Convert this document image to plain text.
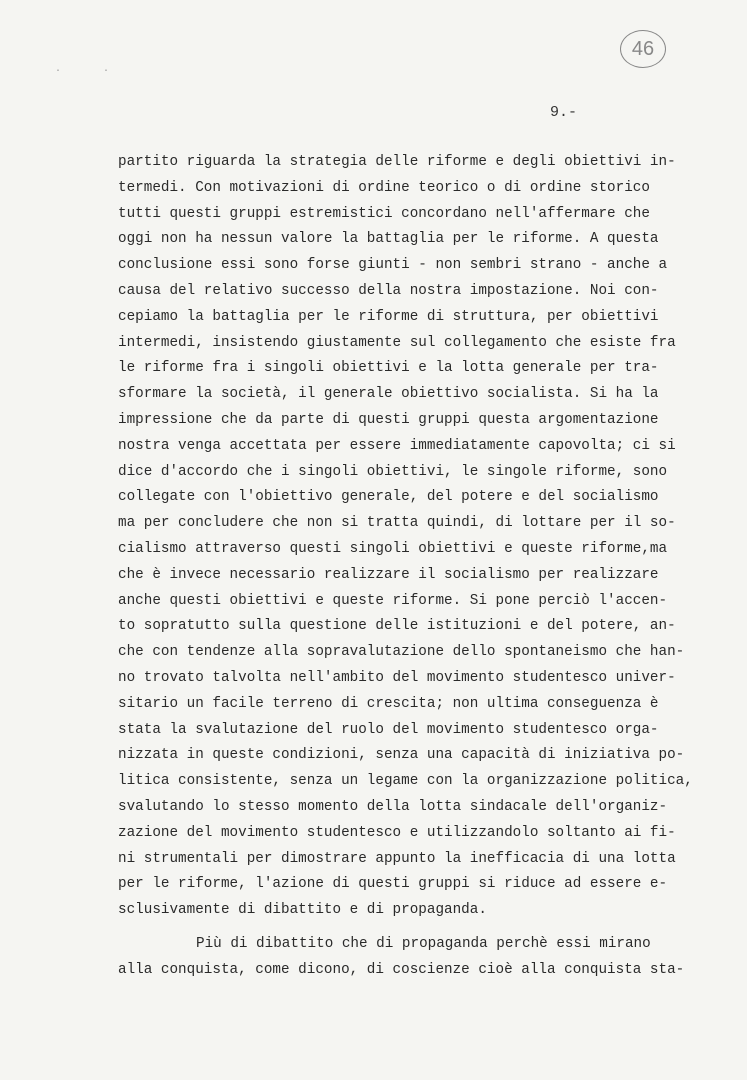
46
. .
9.-
partito riguarda la strategia delle riforme e degli obiettivi in-
termedi. Con motivazioni di ordine teorico o di ordine storico
tutti questi gruppi estremistici concordano nell'affermare che
oggi non ha nessun valore la battaglia per le riforme. A questa
conclusione essi sono forse giunti - non sembri strano - anche a
causa del relativo successo della nostra impostazione. Noi con-
cepiamo la battaglia per le riforme di struttura, per obiettivi
intermedi, insistendo giustamente sul collegamento che esiste fra
le riforme fra i singoli obiettivi e la lotta generale per tra-
sformare la società, il generale obiettivo socialista. Si ha la
impressione che da parte di questi gruppi questa argomentazione
nostra venga accettata per essere immediatamente capovolta; ci si
dice d'accordo che i singoli obiettivi, le singole riforme, sono
collegate con l'obiettivo generale, del potere e del socialismo
ma per concludere che non si tratta quindi, di lottare per il so-
cialismo attraverso questi singoli obiettivi e queste riforme,ma
che è invece necessario realizzare il socialismo per realizzare
anche questi obiettivi e queste riforme. Si pone perciò l'accen-
to sopratutto sulla questione delle istituzioni e del potere, an-
che con tendenze alla sopravalutazione dello spontaneismo che han-
no trovato talvolta nell'ambito del movimento studentesco univer-
sitario un facile terreno di crescita; non ultima conseguenza è
stata la svalutazione del ruolo del movimento studentesco orga-
nizzata in queste condizioni, senza una capacità di iniziativa po-
litica consistente, senza un legame con la organizzazione politica,
svalutando lo stesso momento della lotta sindacale dell'organiz-
zazione del movimento studentesco e utilizzandolo soltanto ai fi-
ni strumentali per dimostrare appunto la inefficacia di una lotta
per le riforme, l'azione di questi gruppi si riduce ad essere e-
sclusivamente di dibattito e di propaganda.
Più di dibattito che di propaganda perchè essi mirano
alla conquista, come dicono, di coscienze cioè alla conquista sta-
